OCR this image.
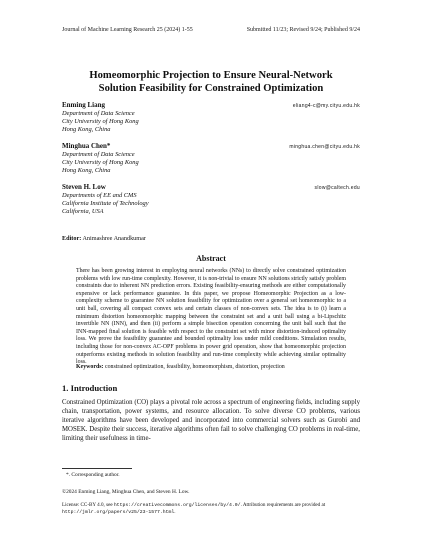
Journal of Machine Learning Research 25 (2024) 1-55	Submitted 11/23; Revised 9/24; Published 9/24
Homeomorphic Projection to Ensure Neural-Network
Solution Feasibility for Constrained Optimization
Enming Liang	eliang4-c@my.cityu.edu.hk
Department of Data Science
City University of Hong Kong
Hong Kong, China
Minghua Chen*	minghua.chen@cityu.edu.hk
Department of Data Science
City University of Hong Kong
Hong Kong, China
Steven H. Low	slow@caltech.edu
Departments of EE and CMS
California Institute of Technology
California, USA
Editor: Animashree Anandkumar
Abstract
There has been growing interest in employing neural networks (NNs) to directly solve constrained optimization problems with low run-time complexity. However, it is non-trivial to ensure NN solutions strictly satisfy problem constraints due to inherent NN prediction errors. Existing feasibility-ensuring methods are either computationally expensive or lack performance guarantee. In this paper, we propose Homeomorphic Projection as a low-complexity scheme to guarantee NN solution feasibility for optimization over a general set homeomorphic to a unit ball, covering all compact convex sets and certain classes of non-convex sets. The idea is to (i) learn a minimum distortion homeomorphic mapping between the constraint set and a unit ball using a bi-Lipschitz invertible NN (INN), and then (ii) perform a simple bisection operation concerning the unit ball such that the INN-mapped final solution is feasible with respect to the constraint set with minor distortion-induced optimality loss. We prove the feasibility guarantee and bounded optimality loss under mild conditions. Simulation results, including those for non-convex AC-OPF problems in power grid operation, show that homeomorphic projection outperforms existing methods in solution feasibility and run-time complexity while achieving similar optimality loss.
Keywords: constrained optimization, feasibility, homeomorphism, distortion, projection
1. Introduction
Constrained Optimization (CO) plays a pivotal role across a spectrum of engineering fields, including supply chain, transportation, power systems, and resource allocation. To solve diverse CO problems, various iterative algorithms have been developed and incorporated into commercial solvers such as Gurobi and MOSEK. Despite their success, iterative algorithms often fail to solve challenging CO problems in real-time, limiting their usefulness in time-
*. Corresponding author.
©2024 Enming Liang, Minghua Chen, and Steven H. Low.
License: CC-BY 4.0, see https://creativecommons.org/licenses/by/4.0/. Attribution requirements are provided at http://jmlr.org/papers/v25/23-1577.html.
